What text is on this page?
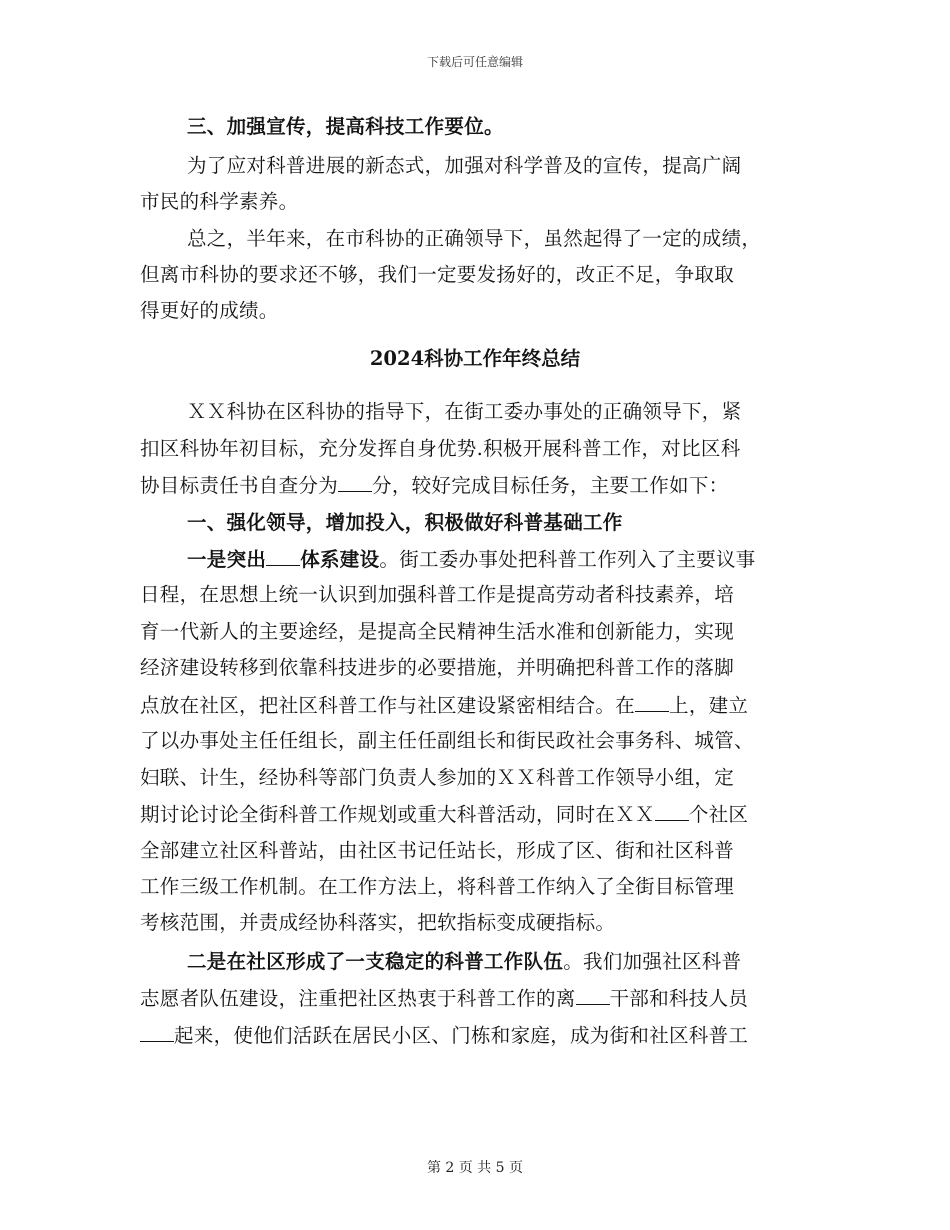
下载后可任意编辑
三、加强宣传，提高科技工作要位。
为了应对科普进展的新态式，加强对科学普及的宣传，提高广阔
市民的科学素养。
总之，半年来，在市科协的正确领导下，虽然起得了一定的成绩，
但离市科协的要求还不够，我们一定要发扬好的，改正不足，争取取
得更好的成绩。
2024科协工作年终总结
ＸＸ科协在区科协的指导下，在街工委办事处的正确领导下，紧
扣区科协年初目标，充分发挥自身优势.积极开展科普工作，对比区科
协目标责任书自查分为 分，较好完成目标任务，主要工作如下：
一、强化领导，增加投入，积极做好科普基础工作
一是突出 体系建设。街工委办事处把科普工作列入了主要议事
日程，在思想上统一认识到加强科普工作是提高劳动者科技素养，培
育一代新人的主要途经，是提高全民精神生活水准和创新能力，实现
经济建设转移到依靠科技进步的必要措施，并明确把科普工作的落脚
点放在社区，把社区科普工作与社区建设紧密相结合。在 上，建立
了以办事处主任任组长，副主任任副组长和街民政社会事务科、城管、
妇联、计生，经协科等部门负责人参加的ＸＸ科普工作领导小组，定
期讨论讨论全街科普工作规划或重大科普活动，同时在ＸＸ 个社区
全部建立社区科普站，由社区书记任站长，形成了区、街和社区科普
工作三级工作机制。在工作方法上，将科普工作纳入了全街目标管理
考核范围，并责成经协科落实，把软指标变成硬指标。
二是在社区形成了一支稳定的科普工作队伍。我们加强社区科普
志愿者队伍建设，注重把社区热衷于科普工作的离 干部和科技人员
起来，使他们活跃在居民小区、门栋和家庭，成为街和社区科普工
第 2 页 共 5 页
